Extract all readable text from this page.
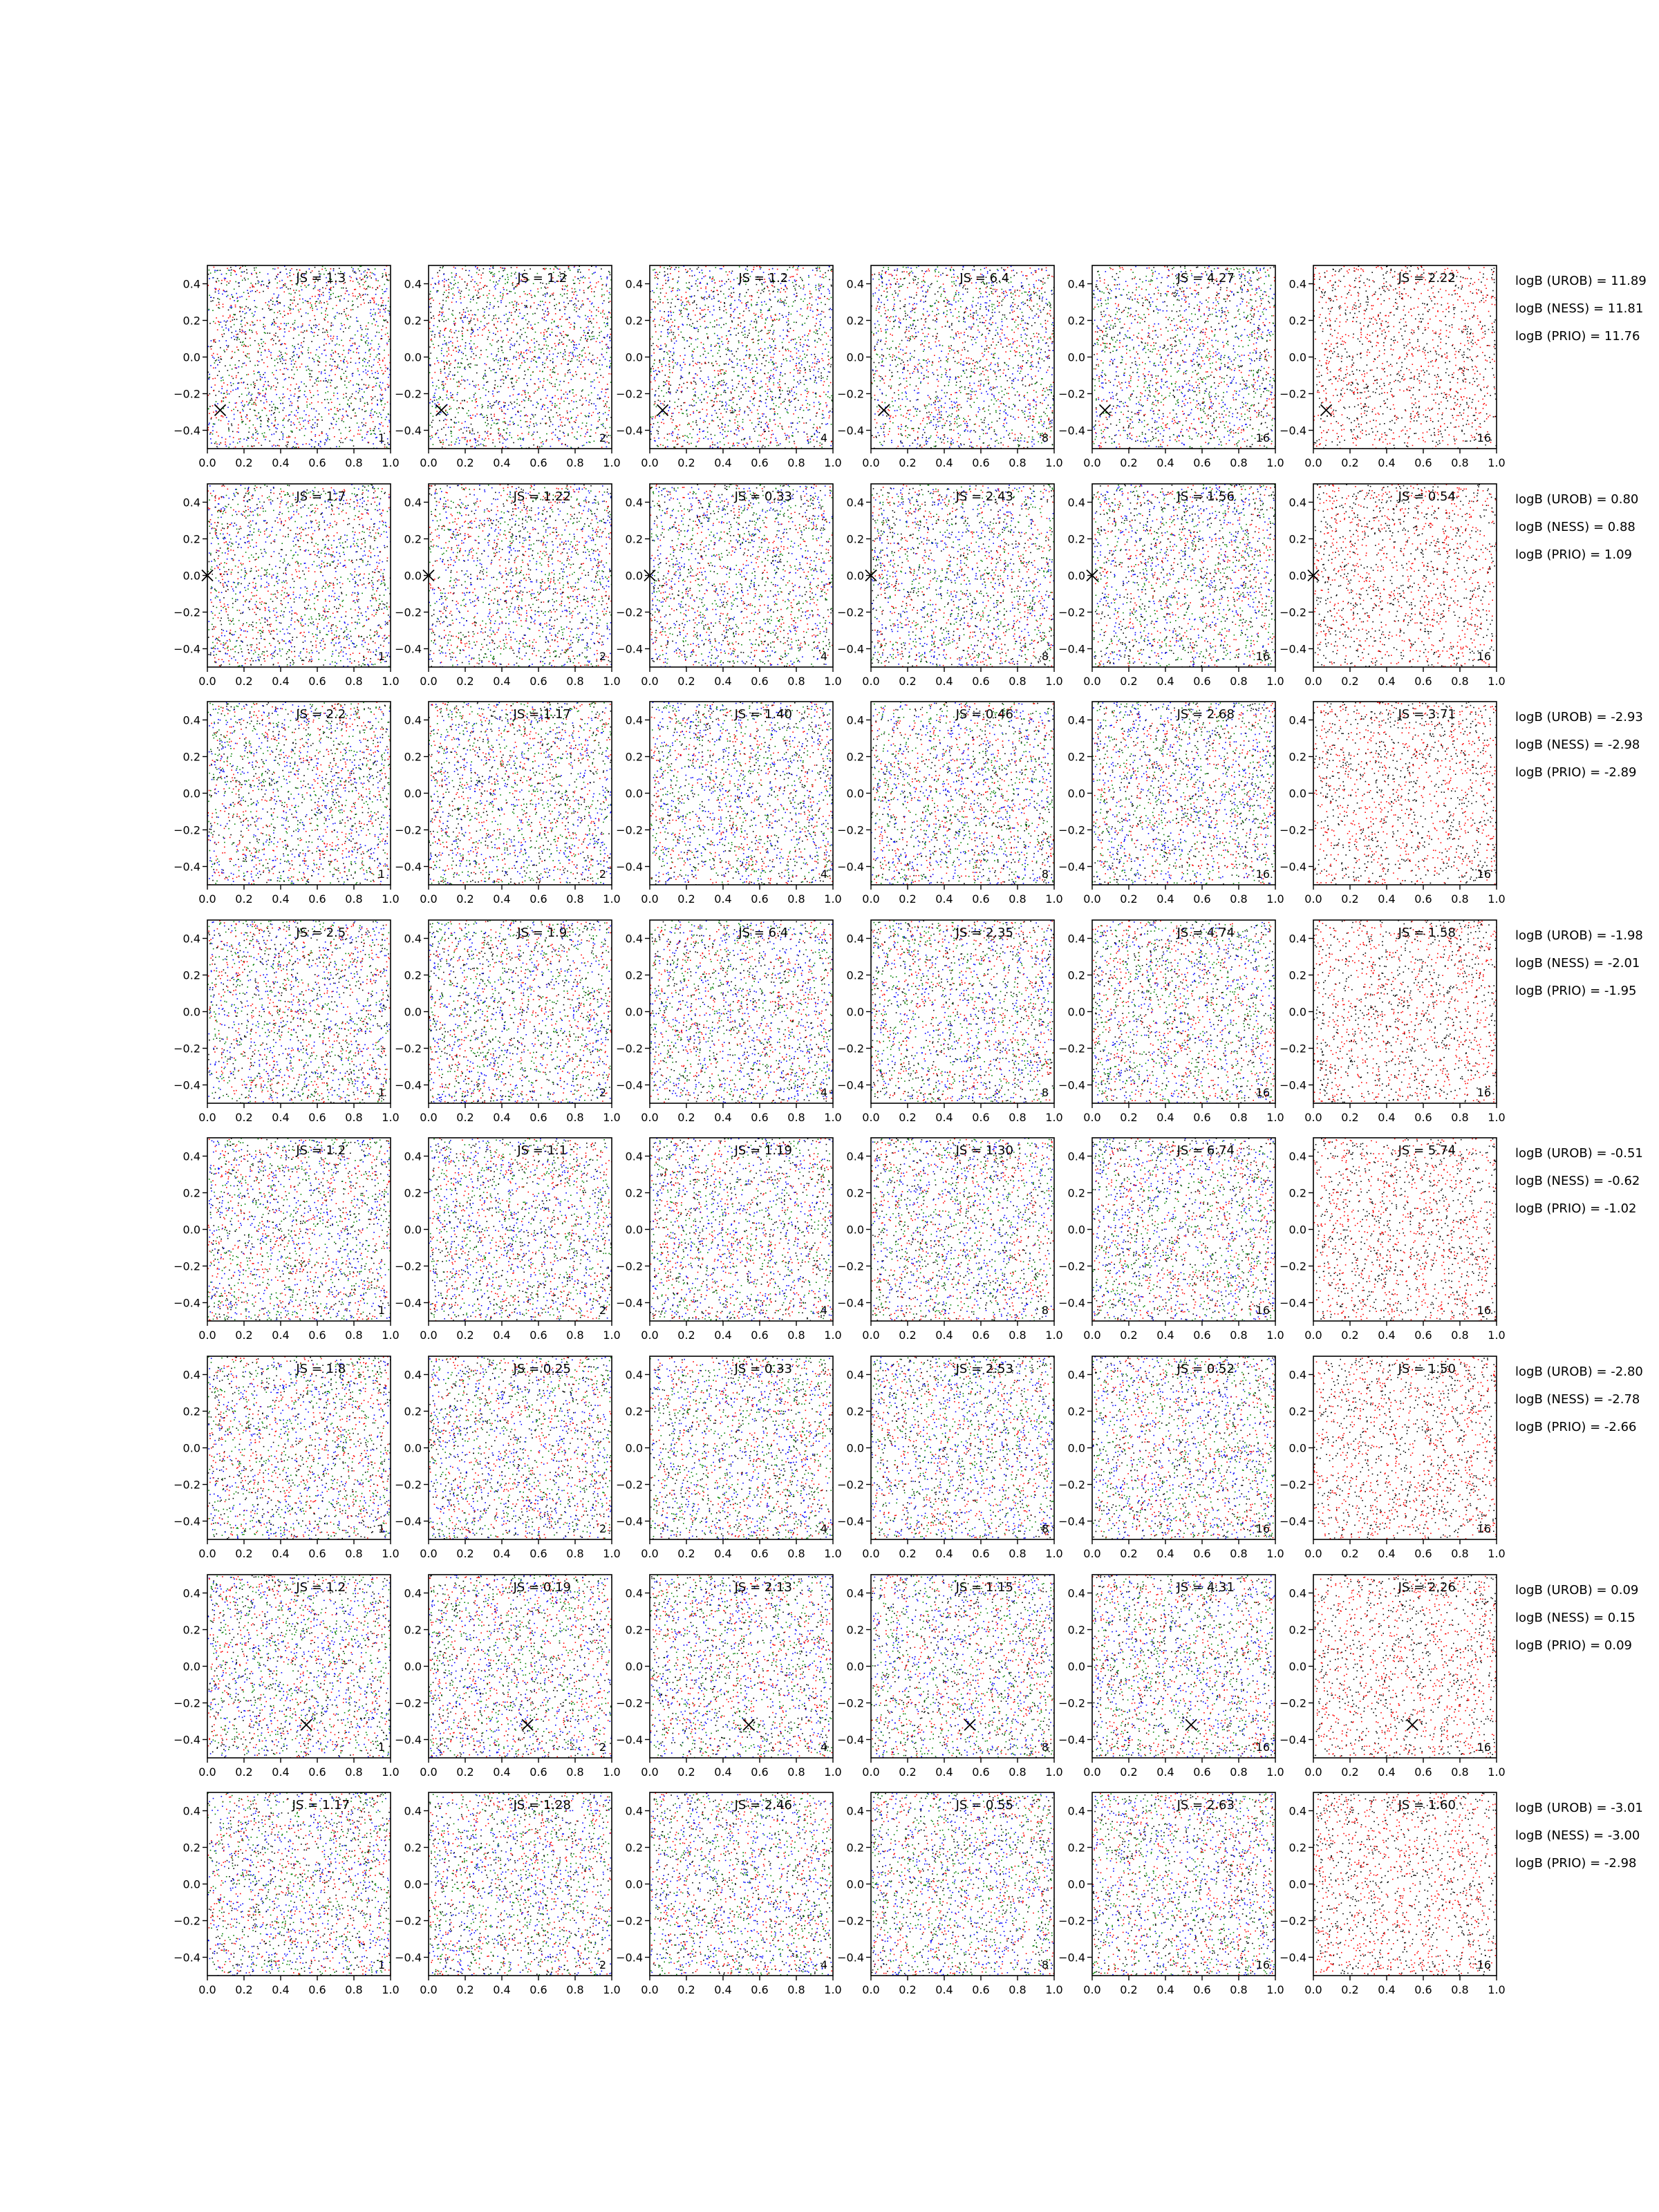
0.0 0.2 0.4 0.6 0.8 1.0
−0.4
−0.2
0.0
0.2
0.4	JS = 1.3
1
0.0 0.2 0.4 0.6 0.8 1.0
−0.4
−0.2
0.0
0.2
0.4	JS = 1.2
2
0.0 0.2 0.4 0.6 0.8 1.0
−0.4
−0.2
0.0
0.2
0.4	JS = 1.2
4
0.0 0.2 0.4 0.6 0.8 1.0
−0.4
−0.2
0.0
0.2
0.4	JS = 6.4
8
0.0 0.2 0.4 0.6 0.8 1.0
−0.4
−0.2
0.0
0.2
0.4	JS = 4.27
16
0.0 0.2 0.4 0.6 0.8 1.0
−0.4
−0.2
0.0
0.2
0.4	JS = 2.22
16
logB (UROB) = 11.89
logB (NESS) = 11.81
logB (PRIO) = 11.76
0.0 0.2 0.4 0.6 0.8 1.0
−0.4
−0.2
0.0
0.2
0.4	JS = 1.7
1
0.0 0.2 0.4 0.6 0.8 1.0
−0.4
−0.2
0.0
0.2
0.4	JS = 1.22
2
0.0 0.2 0.4 0.6 0.8 1.0
−0.4
−0.2
0.0
0.2
0.4	JS = 0.33
4
0.0 0.2 0.4 0.6 0.8 1.0
−0.4
−0.2
0.0
0.2
0.4	JS = 2.43
8
0.0 0.2 0.4 0.6 0.8 1.0
−0.4
−0.2
0.0
0.2
0.4	JS = 1.56
16
0.0 0.2 0.4 0.6 0.8 1.0
−0.4
−0.2
0.0
0.2
0.4	JS = 0.54
16
logB (UROB) = 0.80
logB (NESS) = 0.88
logB (PRIO) = 1.09
0.0 0.2 0.4 0.6 0.8 1.0
−0.4
−0.2
0.0
0.2
0.4	JS = 2.2
1
0.0 0.2 0.4 0.6 0.8 1.0
−0.4
−0.2
0.0
0.2
0.4	JS = 1.17
2
0.0 0.2 0.4 0.6 0.8 1.0
−0.4
−0.2
0.0
0.2
0.4	JS = 1.40
4
0.0 0.2 0.4 0.6 0.8 1.0
−0.4
−0.2
0.0
0.2
0.4	JS = 0.46
8
0.0 0.2 0.4 0.6 0.8 1.0
−0.4
−0.2
0.0
0.2
0.4	JS = 2.68
16
0.0 0.2 0.4 0.6 0.8 1.0
−0.4
−0.2
0.0
0.2
0.4	JS = 3.71
16
logB (UROB) = -2.93
logB (NESS) = -2.98
logB (PRIO) = -2.89
0.0 0.2 0.4 0.6 0.8 1.0
−0.4
−0.2
0.0
0.2
0.4	JS = 2.5
1
0.0 0.2 0.4 0.6 0.8 1.0
−0.4
−0.2
0.0
0.2
0.4	JS = 1.9
2
0.0 0.2 0.4 0.6 0.8 1.0
−0.4
−0.2
0.0
0.2
0.4	JS = 6.4
4
0.0 0.2 0.4 0.6 0.8 1.0
−0.4
−0.2
0.0
0.2
0.4	JS = 2.35
8
0.0 0.2 0.4 0.6 0.8 1.0
−0.4
−0.2
0.0
0.2
0.4	JS = 4.74
16
0.0 0.2 0.4 0.6 0.8 1.0
−0.4
−0.2
0.0
0.2
0.4	JS = 1.58
16
logB (UROB) = -1.98
logB (NESS) = -2.01
logB (PRIO) = -1.95
0.0 0.2 0.4 0.6 0.8 1.0
−0.4
−0.2
0.0
0.2
0.4	JS = 1.2
1
0.0 0.2 0.4 0.6 0.8 1.0
−0.4
−0.2
0.0
0.2
0.4	JS = 1.1
2
0.0 0.2 0.4 0.6 0.8 1.0
−0.4
−0.2
0.0
0.2
0.4	JS = 1.19
4
0.0 0.2 0.4 0.6 0.8 1.0
−0.4
−0.2
0.0
0.2
0.4	JS = 1.30
8
0.0 0.2 0.4 0.6 0.8 1.0
−0.4
−0.2
0.0
0.2
0.4	JS = 6.74
16
0.0 0.2 0.4 0.6 0.8 1.0
−0.4
−0.2
0.0
0.2
0.4	JS = 5.74
16
logB (UROB) = -0.51
logB (NESS) = -0.62
logB (PRIO) = -1.02
0.0 0.2 0.4 0.6 0.8 1.0
−0.4
−0.2
0.0
0.2
0.4	JS = 1.8
1
0.0 0.2 0.4 0.6 0.8 1.0
−0.4
−0.2
0.0
0.2
0.4	JS = 0.25
2
0.0 0.2 0.4 0.6 0.8 1.0
−0.4
−0.2
0.0
0.2
0.4	JS = 0.33
4
0.0 0.2 0.4 0.6 0.8 1.0
−0.4
−0.2
0.0
0.2
0.4	JS = 2.53
8
0.0 0.2 0.4 0.6 0.8 1.0
−0.4
−0.2
0.0
0.2
0.4	JS = 0.52
16
0.0 0.2 0.4 0.6 0.8 1.0
−0.4
−0.2
0.0
0.2
0.4	JS = 1.50
16
logB (UROB) = -2.80
logB (NESS) = -2.78
logB (PRIO) = -2.66
0.0 0.2 0.4 0.6 0.8 1.0
−0.4
−0.2
0.0
0.2
0.4	JS = 1.2
1
0.0 0.2 0.4 0.6 0.8 1.0
−0.4
−0.2
0.0
0.2
0.4	JS = 0.19
2
0.0 0.2 0.4 0.6 0.8 1.0
−0.4
−0.2
0.0
0.2
0.4	JS = 2.13
4
0.0 0.2 0.4 0.6 0.8 1.0
−0.4
−0.2
0.0
0.2
0.4	JS = 1.15
8
0.0 0.2 0.4 0.6 0.8 1.0
−0.4
−0.2
0.0
0.2
0.4	JS = 4.31
16
0.0 0.2 0.4 0.6 0.8 1.0
−0.4
−0.2
0.0
0.2
0.4	JS = 2.26
16
logB (UROB) = 0.09
logB (NESS) = 0.15
logB (PRIO) = 0.09
0.0 0.2 0.4 0.6 0.8 1.0
−0.4
−0.2
0.0
0.2
0.4	JS = 1.17
1
0.0 0.2 0.4 0.6 0.8 1.0
−0.4
−0.2
0.0
0.2
0.4	JS = 1.28
2
0.0 0.2 0.4 0.6 0.8 1.0
−0.4
−0.2
0.0
0.2
0.4	JS = 2.46
4
0.0 0.2 0.4 0.6 0.8 1.0
−0.4
−0.2
0.0
0.2
0.4	JS = 0.55
8
0.0 0.2 0.4 0.6 0.8 1.0
−0.4
−0.2
0.0
0.2
0.4	JS = 2.63
16
0.0 0.2 0.4 0.6 0.8 1.0
−0.4
−0.2
0.0
0.2
0.4	JS = 1.60
16
logB (UROB) = -3.01
logB (NESS) = -3.00
logB (PRIO) = -2.98
